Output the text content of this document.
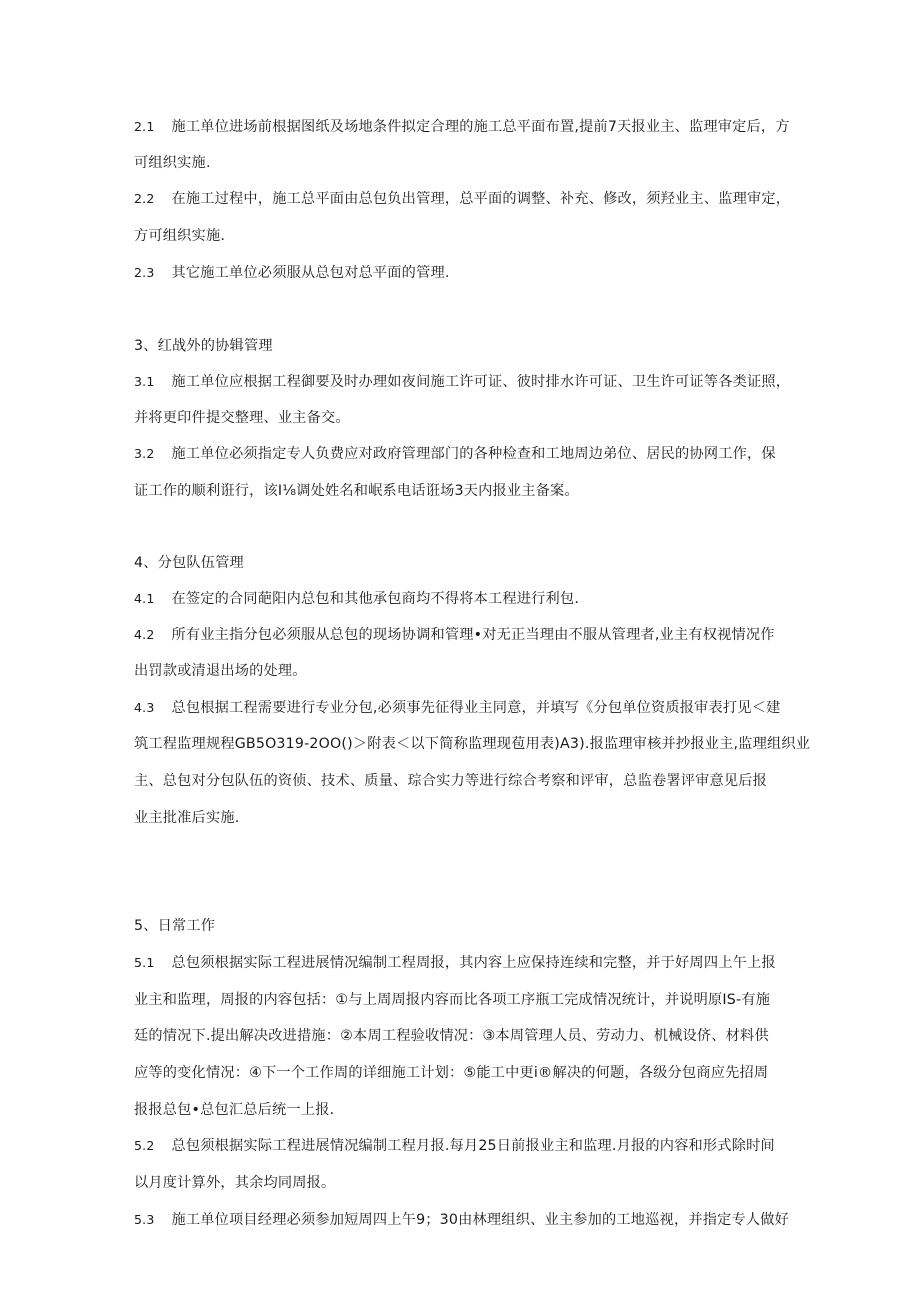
2.1 施工单位进场前根据图纸及场地条件拟定合理的施工总平面布置,提前7天报业主、监理审定后，方
可组织实施.
2.2 在施工过程中，施工总平面由总包负出管理，总平面的调整、补充、修改，须羟业主、监理审定，
方可组织实施.
2.3 其它施工单位必须服从总包对总平面的管理.
3、红战外的协辑管理
3.1 施工单位应根据工程御要及时办理如夜间施工许可证、彼时排水许可证、卫生许可证等各类证照，
并将更印件提交整理、业主备交。
3.2 施工单位必须指定专人负费应对政府管理部门的各种检查和工地周边弟位、居民的协网工作，保
证工作的顺利诳行，该I⅛调处姓名和岷系电话诳场3天内报业主备案。
4、分包队伍管理
4.1 在签定的合同葩阳内总包和其他承包商均不得将本工程进行利包.
4.2 所有业主指分包必须服从总包的现场协调和管理•对无正当理由不服从管理者,业主有权视情况作
出罚款或清退出场的处理。
4.3 总包根据工程需要进行专业分包,必须事先征得业主同意，并填写《分包单位资质报审表打见＜建
筑工程监理规程GB5O319-2OO()＞附表＜以下简称监理现苞用表)A3).报监理审核并抄报业主,监理组织业
主、总包对分包队伍的资侦、技术、质量、琮合实力等进行综合考察和评审，总监卷署评审意见后报
业主批准后实施.
5、日常工作
5.1 总包须根据实际工程进展情况编制工程周报，其内容上应保持连续和完整，并于好周四上午上报
业主和监理，周报的内容包括：①与上周周报内容而比各项工序瓶工完成情况统计，并说明原IS-有施
廷的情况下.提出解决改进措施：②本周工程验收情况：③本周管理人员、劳动力、机械设侪、材料供
应等的变化情况：④下一个工作周的详细施工计划：⑤能工中更i®解决的何题，各级分包商应先招周
报报总包•总包汇总后统一上报.
5.2 总包须根据实际工程进展情况编制工程月报.每月25日前报业主和监理.月报的内容和形式除时间
以月度计算外，其余均同周报。
5.3 施工单位项目经理必须参加短周四上午9；30由林理组织、业主参加的工地巡视，并指定专人做好
